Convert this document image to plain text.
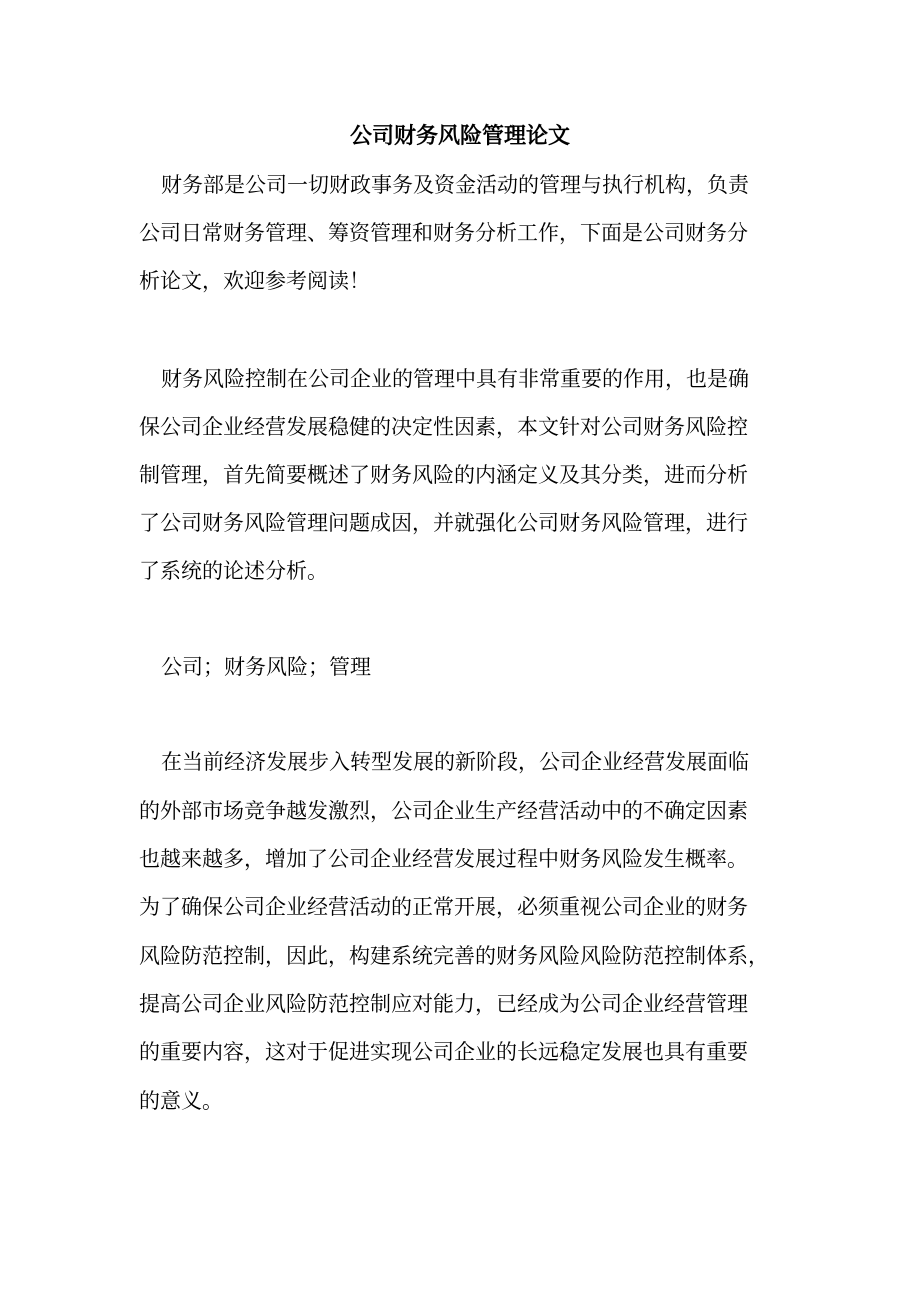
公司财务风险管理论文
财务部是公司一切财政事务及资金活动的管理与执行机构，负责
公司日常财务管理、筹资管理和财务分析工作，下面是公司财务分
析论文，欢迎参考阅读！
财务风险控制在公司企业的管理中具有非常重要的作用，也是确
保公司企业经营发展稳健的决定性因素，本文针对公司财务风险控
制管理，首先简要概述了财务风险的内涵定义及其分类，进而分析
了公司财务风险管理问题成因，并就强化公司财务风险管理，进行
了系统的论述分析。
公司；财务风险；管理
在当前经济发展步入转型发展的新阶段，公司企业经营发展面临
的外部市场竞争越发激烈，公司企业生产经营活动中的不确定因素
也越来越多，增加了公司企业经营发展过程中财务风险发生概率。
为了确保公司企业经营活动的正常开展，必须重视公司企业的财务
风险防范控制，因此，构建系统完善的财务风险风险防范控制体系，
提高公司企业风险防范控制应对能力，已经成为公司企业经营管理
的重要内容，这对于促进实现公司企业的长远稳定发展也具有重要
的意义。
